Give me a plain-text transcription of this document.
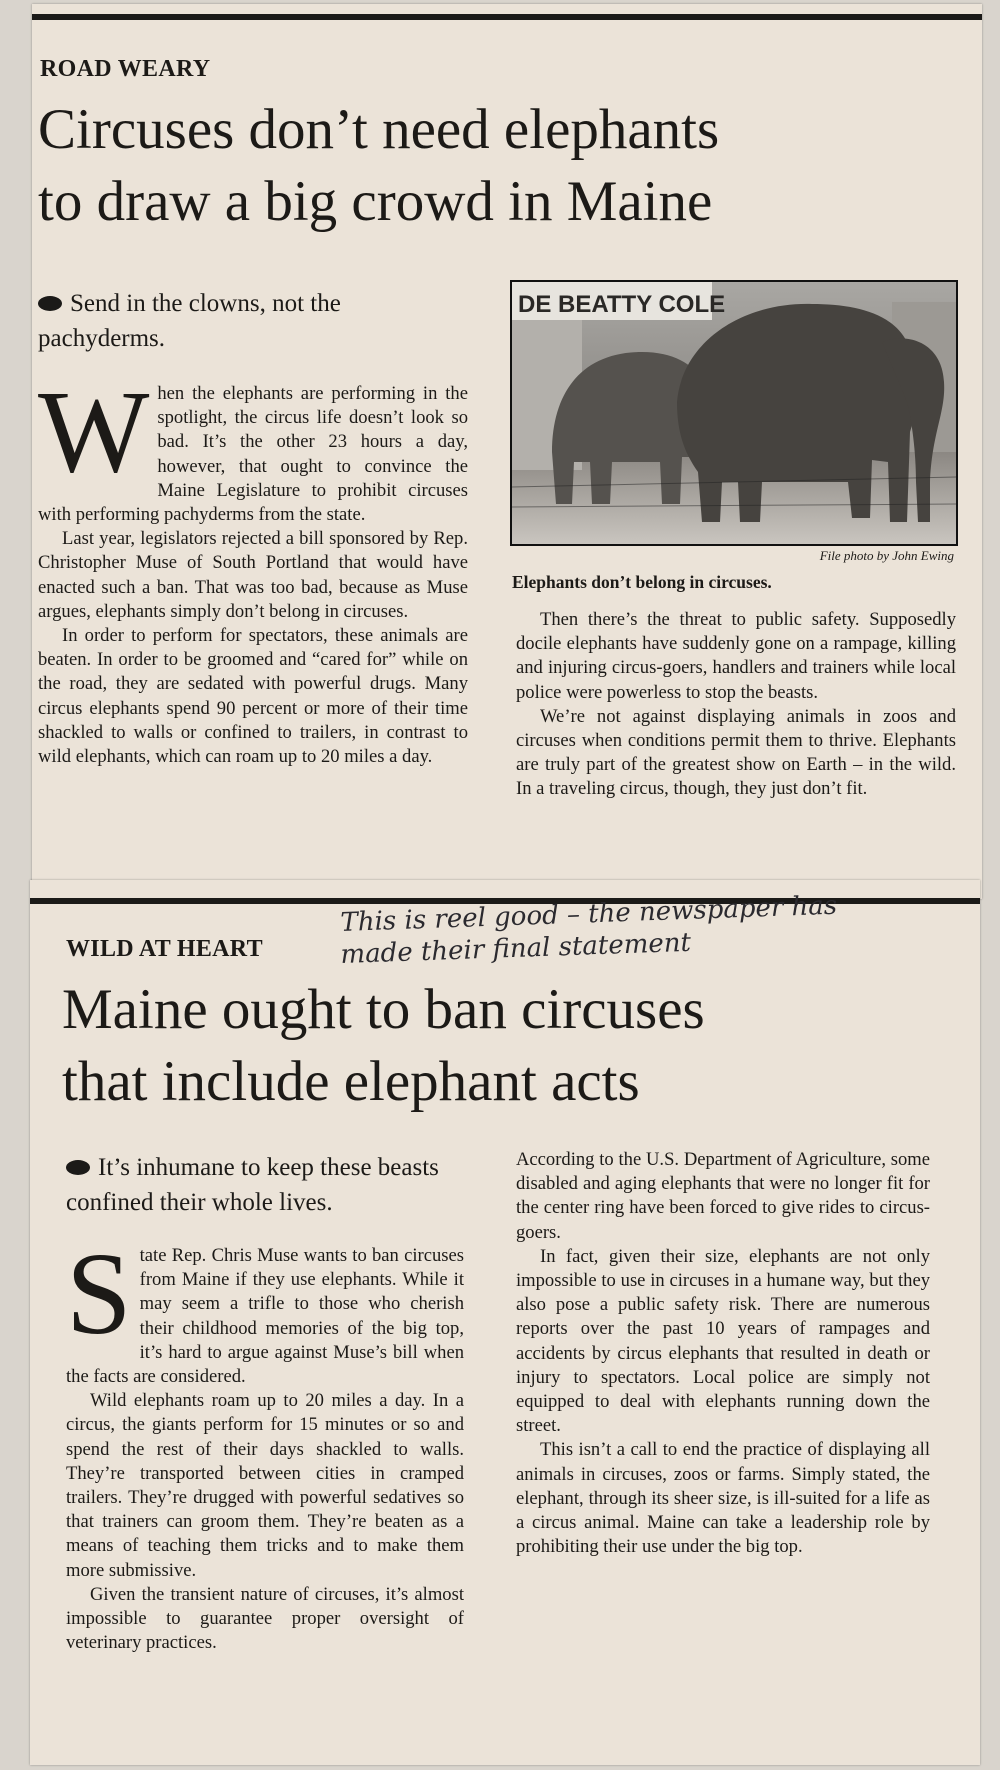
ROAD WEARY
Circuses don’t need elephants
to draw a big crowd in Maine
Send in the clowns, not the pachyderms.

When the elephants are performing in the spotlight, the circus life doesn’t look so bad. It’s the other 23 hours a day, however, that ought to convince the Maine Legislature to prohibit circuses with performing pachyderms from the state.

Last year, legislators rejected a bill sponsored by Rep. Christopher Muse of South Portland that would have enacted such a ban. That was too bad, because as Muse argues, elephants simply don’t belong in circuses.

In order to perform for spectators, these animals are beaten. In order to be groomed and “cared for” while on the road, they are sedated with powerful drugs. Many circus elephants spend 90 percent or more of their time shackled to walls or confined to trailers, in contrast to wild elephants, which can roam up to 20 miles a day.

DE BEATTY COLE
File photo by John Ewing
Elephants don’t belong in circuses.

Then there’s the threat to public safety. Supposedly docile elephants have suddenly gone on a rampage, killing and injuring circus-goers, handlers and trainers while local police were powerless to stop the beasts.

We’re not against displaying animals in zoos and circuses when conditions permit them to thrive. Elephants are truly part of the greatest show on Earth – in the wild. In a traveling circus, though, they just don’t fit.

WILD AT HEART
This is reel good – the newspaper has
made their final statement
Maine ought to ban circuses
that include elephant acts
It’s inhumane to keep these beasts confined their whole lives.

State Rep. Chris Muse wants to ban circuses from Maine if they use elephants. While it may seem a trifle to those who cherish their childhood memories of the big top, it’s hard to argue against Muse’s bill when the facts are considered.

Wild elephants roam up to 20 miles a day. In a circus, the giants perform for 15 minutes or so and spend the rest of their days shackled to walls. They’re transported between cities in cramped trailers. They’re drugged with powerful sedatives so that trainers can groom them. They’re beaten as a means of teaching them tricks and to make them more submissive.

Given the transient nature of circuses, it’s almost impossible to guarantee proper oversight of veterinary practices.

According to the U.S. Department of Agriculture, some disabled and aging elephants that were no longer fit for the center ring have been forced to give rides to circus-goers.

In fact, given their size, elephants are not only impossible to use in circuses in a humane way, but they also pose a public safety risk. There are numerous reports over the past 10 years of rampages and accidents by circus elephants that resulted in death or injury to spectators. Local police are simply not equipped to deal with elephants running down the street.

This isn’t a call to end the practice of displaying all animals in circuses, zoos or farms. Simply stated, the elephant, through its sheer size, is ill-suited for a life as a circus animal. Maine can take a leadership role by prohibiting their use under the big top.
